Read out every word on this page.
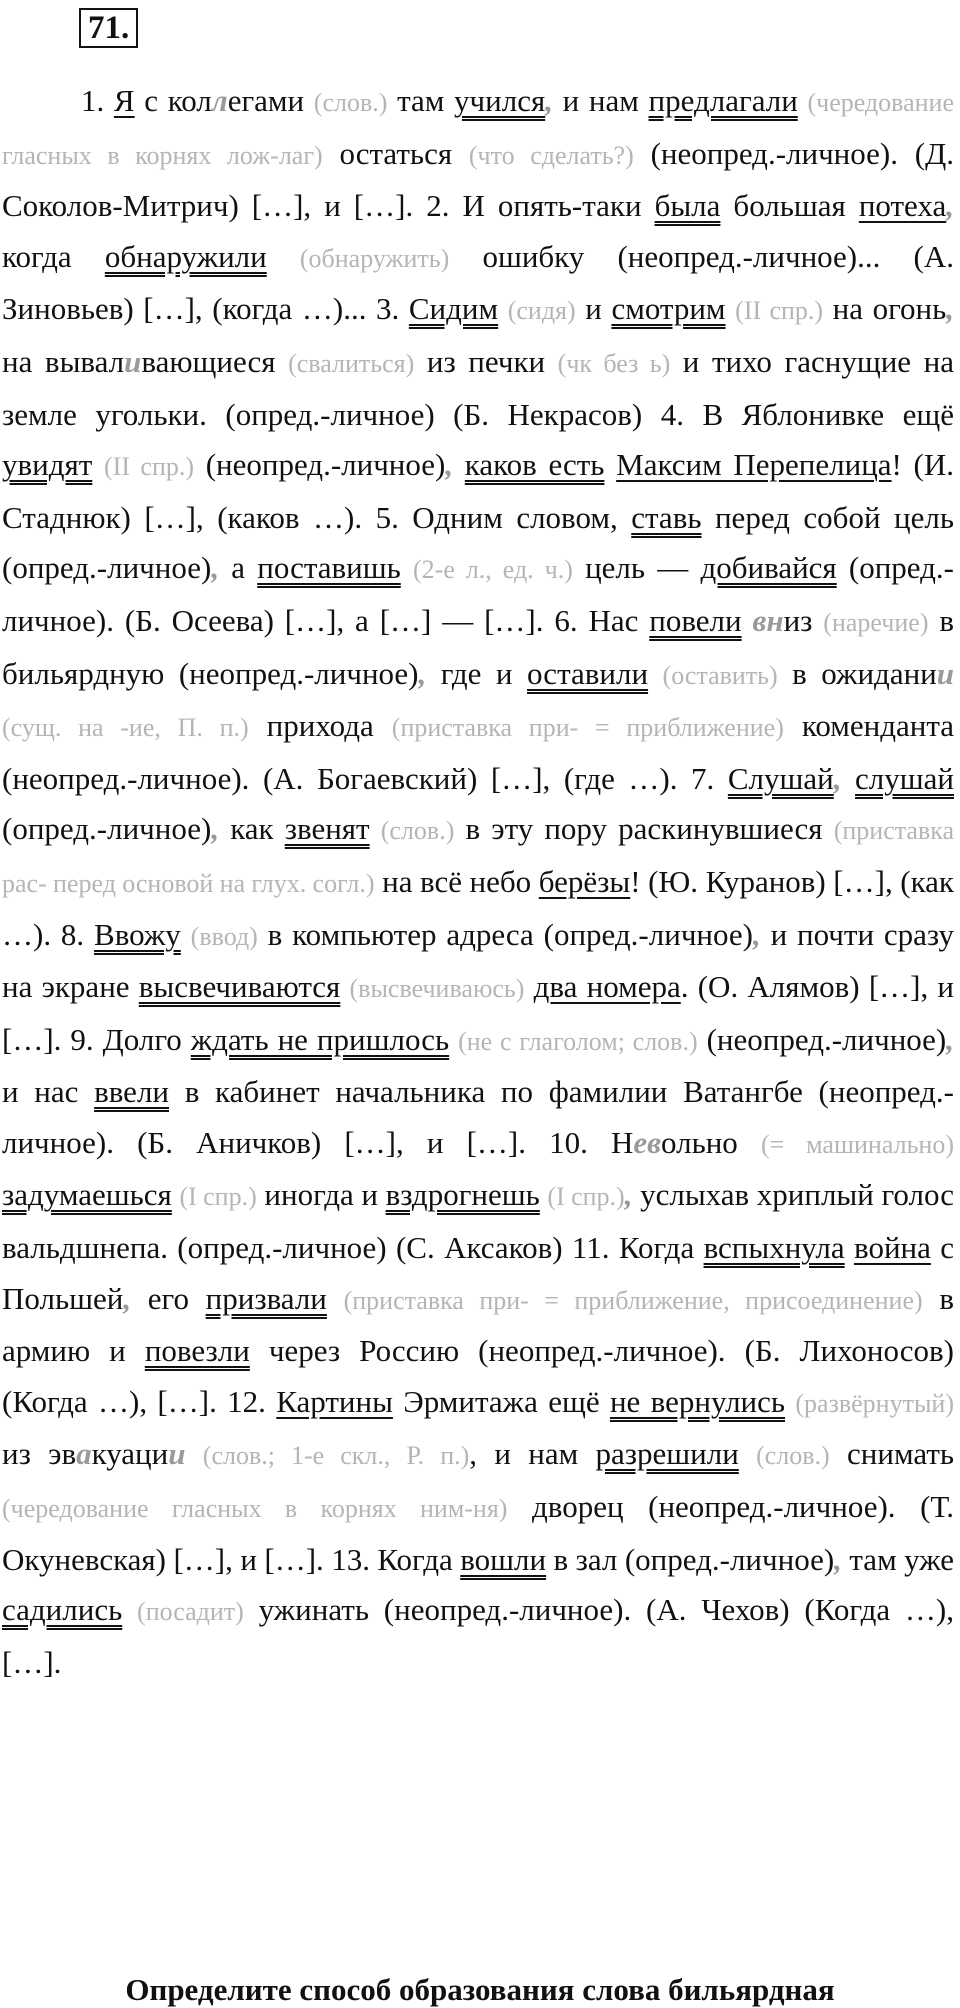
71.

1. Я с коллегами (слов.) там учился, и нам предлагали (чередование гласных в корнях лож-лаг) остаться (что сделать?) (неопред.-личное). (Д. Соколов-Митрич) […], и […]. 2. И опять-таки была большая потеха, когда обнаружили (обнаружить) ошибку (неопред.-личное)... (А. Зиновьев) […], (когда …)... 3. Сидим (сидя) и смотрим (II спр.) на огонь, на вываливающиеся (свалиться) из печки (чк без ь) и тихо гаснущие на земле угольки. (опред.-личное) (Б. Некрасов) 4. В Яблонивке ещё увидят (II спр.) (неопред.-личное), каков есть Максим Перепелица! (И. Стаднюк) […], (каков …). 5. Одним словом, ставь перед собой цель (опред.-личное), а поставишь (2-е л., ед. ч.) цель — добивайся (опред.-личное). (Б. Осеева) […], а […] — […]. 6. Нас повели вниз (наречие) в бильярдную (неопред.-личное), где и оставили (оставить) в ожидании (сущ. на -ие, П. п.) прихода (приставка при- = приближение) коменданта (неопред.-личное). (А. Богаевский) […], (где …). 7. Слушай, слушай (опред.-личное), как звенят (слов.) в эту пору раскинувшиеся (приставка рас- перед основой на глух. согл.) на всё небо берёзы! (Ю. Куранов) […], (как …). 8. Ввожу (ввод) в компьютер адреса (опред.-личное), и почти сразу на экране высвечиваются (высвечиваюсь) два номера. (О. Алямов) […], и […]. 9. Долго ждать не пришлось (не с глаголом; слов.) (неопред.-личное), и нас ввели в кабинет начальника по фамилии Ватангбе (неопред.-личное). (Б. Аничков) […], и […]. 10. Невольно (= машинально) задумаешься (I спр.) иногда и вздрогнешь (I спр.), услыхав хриплый голос вальдшнепа. (опред.-личное) (С. Аксаков) 11. Когда вспыхнула война с Польшей, его призвали (приставка при- = приближение, присоединение) в армию и повезли через Россию (неопред.-личное). (Б. Лихоносов) (Когда …), […]. 12. Картины Эрмитажа ещё не вернулись (развёрнутый) из эвакуации (слов.; 1-е скл., Р. п.), и нам разрешили (слов.) снимать (чередование гласных в корнях ним-ня) дворец (неопред.-личное). (Т. Окуневская) […], и […]. 13. Когда вошли в зал (опред.-личное), там уже садились (посадит) ужинать (неопред.-личное). (А. Чехов) (Когда …), […].

Определите способ образования слова бильярдная
